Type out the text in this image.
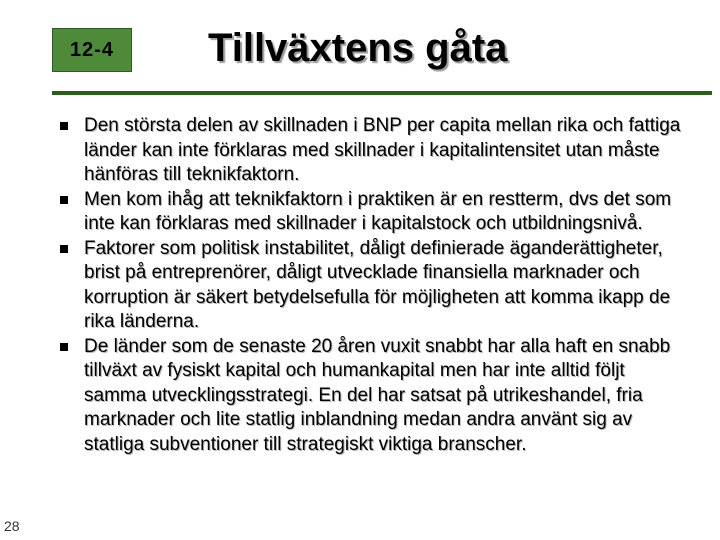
12-4 Tillväxtens gåta
Den största delen av skillnaden i BNP per capita mellan rika och fattiga länder kan inte förklaras med skillnader i kapitalintensitet utan måste hänföras till teknikfaktorn.
Men kom ihåg att teknikfaktorn i praktiken är en restterm, dvs det som inte kan förklaras med skillnader i kapitalstock och utbildningsnivå.
Faktorer som politisk instabilitet, dåligt definierade äganderättigheter, brist på entreprenörer, dåligt utvecklade finansiella marknader och korruption är säkert betydelsefulla för möjligheten att komma ikapp de rika länderna.
De länder som de senaste 20 åren vuxit snabbt har alla haft en snabb tillväxt av fysiskt kapital och humankapital men har inte alltid följt samma utvecklingsstrategi. En del har satsat på utrikeshandel, fria marknader och lite statlig inblandning medan andra använt sig av statliga subventioner till strategiskt viktiga branscher.
28
